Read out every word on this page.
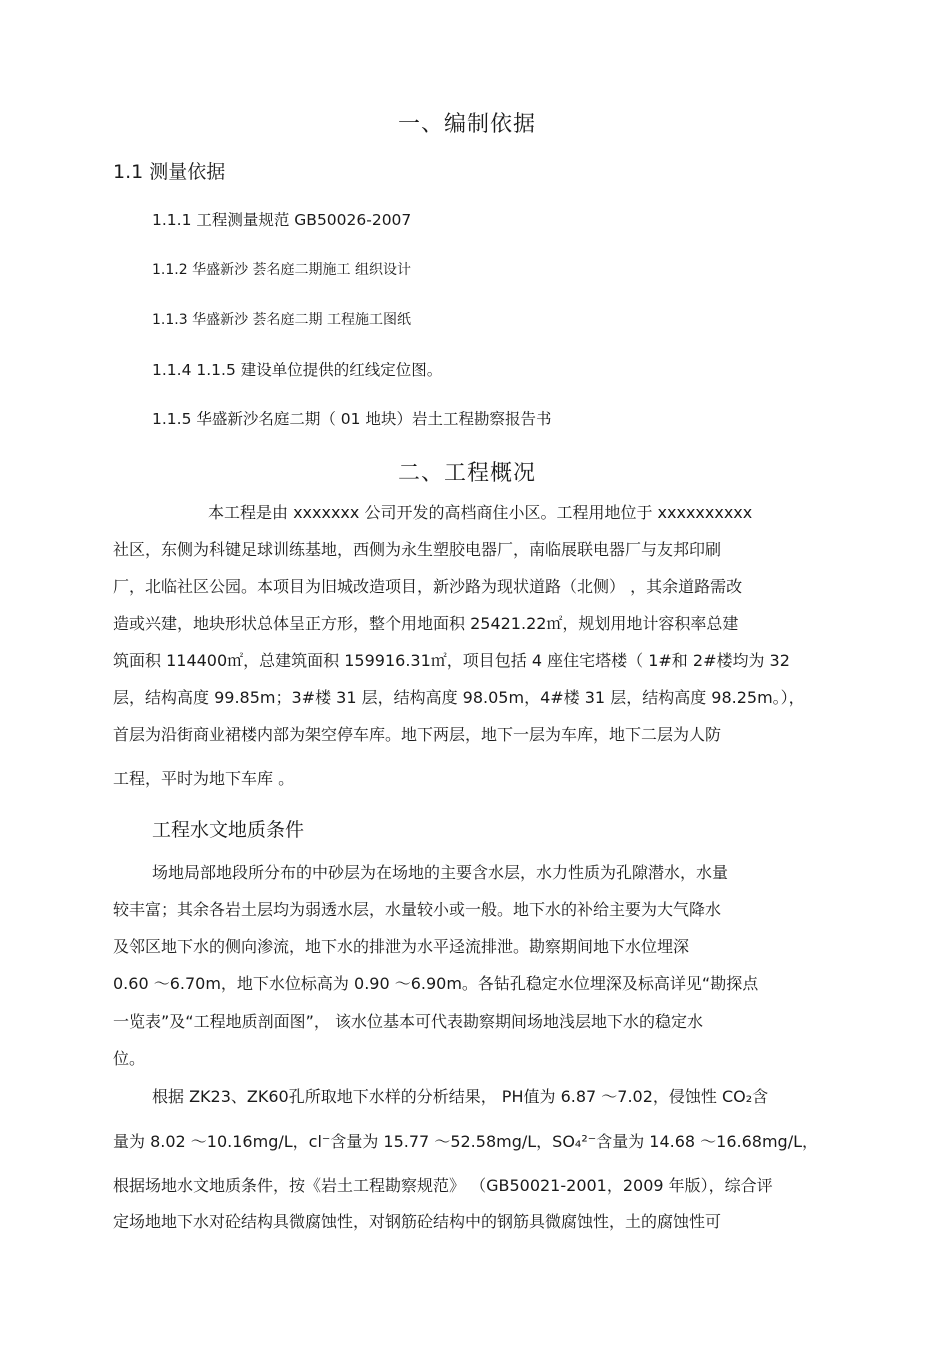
一、编制依据
1.1 测量依据
1.1.1 工程测量规范 GB50026-2007
1.1.2 华盛新沙 荟名庭二期施工 组织设计
1.1.3 华盛新沙 荟名庭二期 工程施工图纸
1.1.4 1.1.5 建设单位提供的红线定位图。
1.1.5 华盛新沙名庭二期（ 01 地块）岩土工程勘察报告书
二、工程概况
本工程是由 xxxxxxx 公司开发的高档商住小区。工程用地位于 xxxxxxxxxx
社区，东侧为科键足球训练基地，西侧为永生塑胶电器厂，南临展联电器厂与友邦印刷
厂，北临社区公园。本项目为旧城改造项目，新沙路为现状道路（北侧） ，其余道路需改
造或兴建，地块形状总体呈正方形，整个用地面积 25421.22㎡，规划用地计容积率总建
筑面积 114400㎡，总建筑面积 159916.31㎡，项目包括 4 座住宅塔楼（ 1#和 2#楼均为 32
层，结构高度 99.85m；3#楼 31 层，结构高度 98.05m，4#楼 31 层，结构高度 98.25m。），
首层为沿街商业裙楼内部为架空停车库。地下两层，地下一层为车库，地下二层为人防
工程，平时为地下车库 。
工程水文地质条件
场地局部地段所分布的中砂层为在场地的主要含水层，水力性质为孔隙潜水，水量
较丰富；其余各岩土层均为弱透水层，水量较小或一般。地下水的补给主要为大气降水
及邻区地下水的侧向渗流，地下水的排泄为水平迳流排泄。勘察期间地下水位埋深
0.60 ～6.70m，地下水位标高为 0.90 ～6.90m。各钻孔稳定水位埋深及标高详见“勘探点
一览表”及“工程地质剖面图”， 该水位基本可代表勘察期间场地浅层地下水的稳定水
位。
根据 ZK23、ZK60孔所取地下水样的分析结果， PH值为 6.87 ～7.02，侵蚀性 CO₂含
量为 8.02 ～10.16mg/L，cl⁻含量为 15.77 ～52.58mg/L，SO₄²⁻含量为 14.68 ～16.68mg/L，
根据场地水文地质条件，按《岩土工程勘察规范》 （GB50021-2001，2009 年版），综合评
定场地地下水对砼结构具微腐蚀性，对钢筋砼结构中的钢筋具微腐蚀性，土的腐蚀性可
